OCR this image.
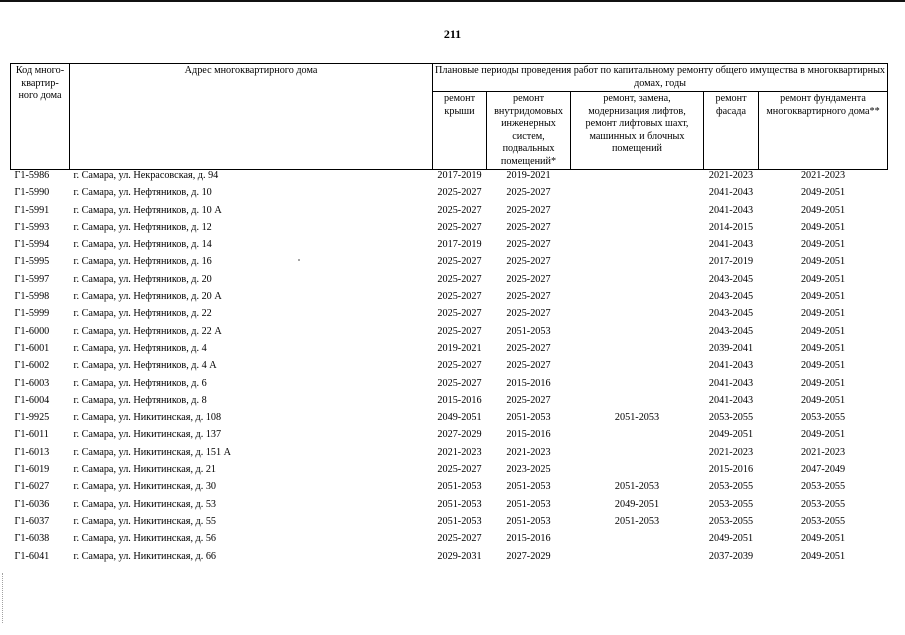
211
Код много-квартир-ного дома	Адрес многоквартирного дома	Плановые периоды проведения работ по капитальному ремонту общего имущества в многоквартирных домах, годы				
		ремонт крыши	ремонт внутридомовых инженерных систем, подвальных помещений*	ремонт, замена, модернизация лифтов, ремонт лифтовых шахт, машинных и блочных помещений	ремонт фасада	ремонт фундамента многоквартирного дома**
Г1-5986	г. Самара, ул. Некрасовская, д. 94	2017-2019	2019-2021		2021-2023	2021-2023
Г1-5990	г. Самара, ул. Нефтяников, д. 10	2025-2027	2025-2027		2041-2043	2049-2051
Г1-5991	г. Самара, ул. Нефтяников, д. 10 А	2025-2027	2025-2027		2041-2043	2049-2051
Г1-5993	г. Самара, ул. Нефтяников, д. 12	2025-2027	2025-2027		2014-2015	2049-2051
Г1-5994	г. Самара, ул. Нефтяников, д. 14	2017-2019	2025-2027		2041-2043	2049-2051
Г1-5995	г. Самара, ул. Нефтяников, д. 16	2025-2027	2025-2027		2017-2019	2049-2051
Г1-5997	г. Самара, ул. Нефтяников, д. 20	2025-2027	2025-2027		2043-2045	2049-2051
Г1-5998	г. Самара, ул. Нефтяников, д. 20 А	2025-2027	2025-2027		2043-2045	2049-2051
Г1-5999	г. Самара, ул. Нефтяников, д. 22	2025-2027	2025-2027		2043-2045	2049-2051
Г1-6000	г. Самара, ул. Нефтяников, д. 22 А	2025-2027	2051-2053		2043-2045	2049-2051
Г1-6001	г. Самара, ул. Нефтяников, д. 4	2019-2021	2025-2027		2039-2041	2049-2051
Г1-6002	г. Самара, ул. Нефтяников, д. 4 А	2025-2027	2025-2027		2041-2043	2049-2051
Г1-6003	г. Самара, ул. Нефтяников, д. 6	2025-2027	2015-2016		2041-2043	2049-2051
Г1-6004	г. Самара, ул. Нефтяников, д. 8	2015-2016	2025-2027		2041-2043	2049-2051
Г1-9925	г. Самара, ул. Никитинская, д. 108	2049-2051	2051-2053	2051-2053	2053-2055	2053-2055
Г1-6011	г. Самара, ул. Никитинская, д. 137	2027-2029	2015-2016		2049-2051	2049-2051
Г1-6013	г. Самара, ул. Никитинская, д. 151 А	2021-2023	2021-2023		2021-2023	2021-2023
Г1-6019	г. Самара, ул. Никитинская, д. 21	2025-2027	2023-2025		2015-2016	2047-2049
Г1-6027	г. Самара, ул. Никитинская, д. 30	2051-2053	2051-2053	2051-2053	2053-2055	2053-2055
Г1-6036	г. Самара, ул. Никитинская, д. 53	2051-2053	2051-2053	2049-2051	2053-2055	2053-2055
Г1-6037	г. Самара, ул. Никитинская, д. 55	2051-2053	2051-2053	2051-2053	2053-2055	2053-2055
Г1-6038	г. Самара, ул. Никитинская, д. 56	2025-2027	2015-2016		2049-2051	2049-2051
Г1-6041	г. Самара, ул. Никитинская, д. 66	2029-2031	2027-2029		2037-2039	2049-2051
